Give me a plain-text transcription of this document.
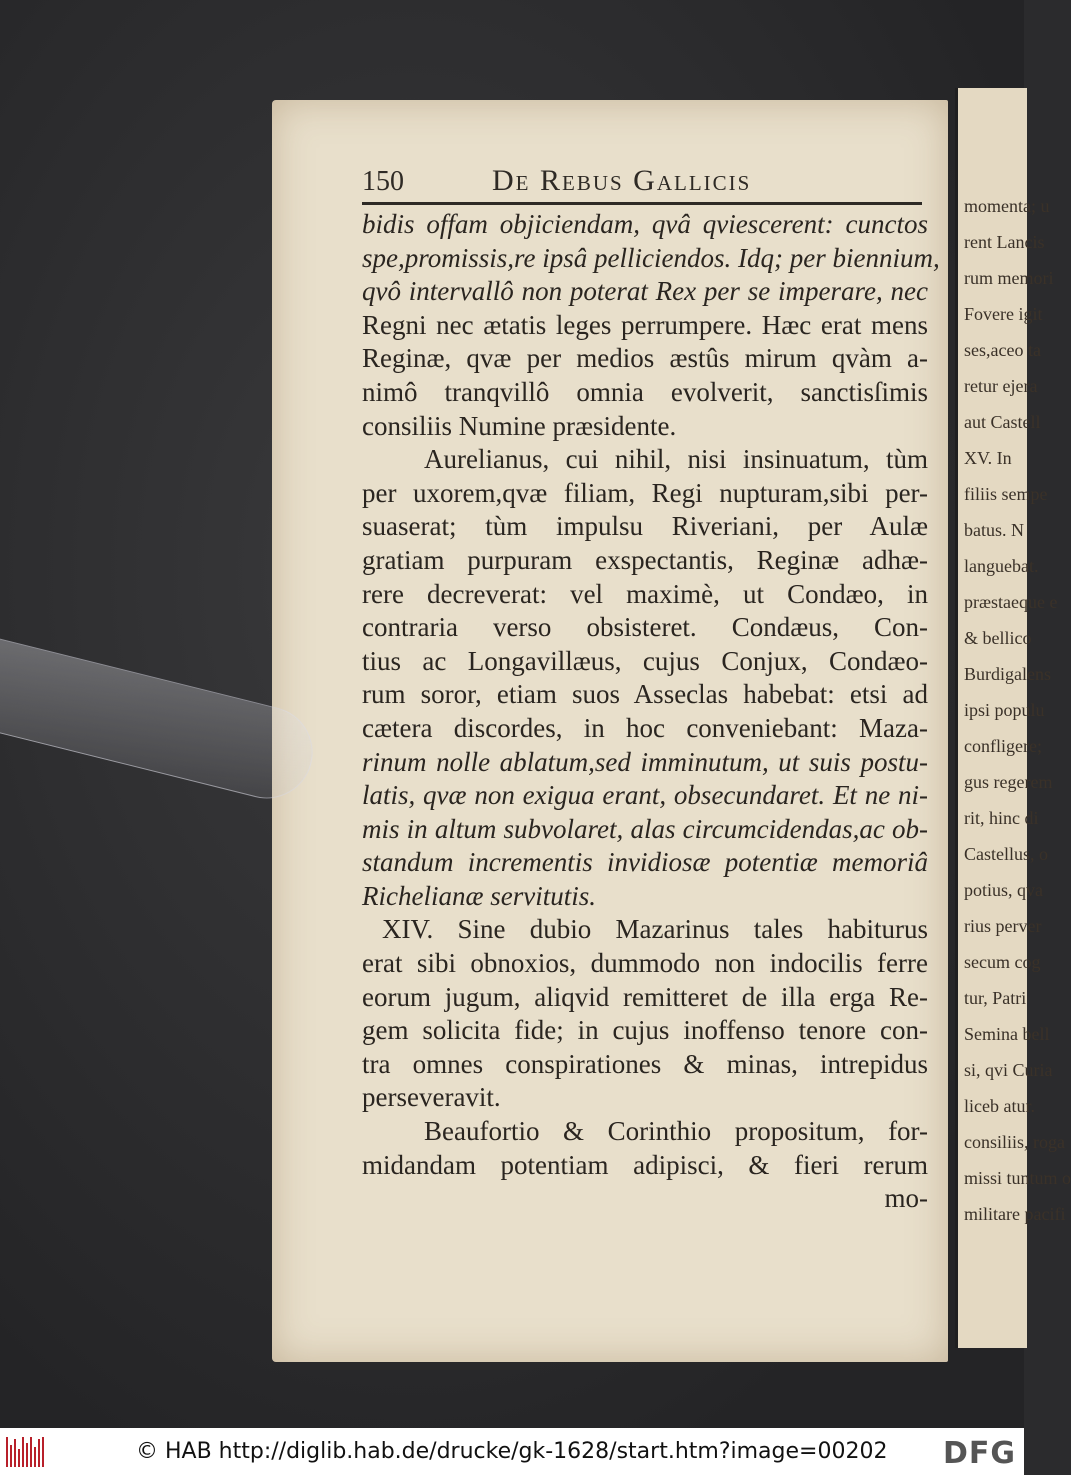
momenta; u
rent Lancis
rum memori
Fovere igit
ses,aceo ta
retur ejera
aut Castell
XV. In
filiis sempe
batus. N
languebat.
præstaeque e
& bellico
Burdigalens
ipsi populu
confligere;
gus regerem
rit, hinc di
Castellus, o
potius, qva
rius perver
secum cog
tur, Patri
Semina bell
si, qvi Curia
liceb atur.
consiliis, roga
missi tuntum o
militare pacifi
150	De Rebus Gallicis
bidis offam objiciendam, qvâ qviescerent: cunctos
spe,promissis,re ipsâ pelliciendos. Idq; per biennium,
qvô intervallô non poterat Rex per se imperare, nec
Regni nec ætatis leges perrumpere. Hæc erat mens
Reginæ, qvæ per medios æstûs mirum qvàm a-
nimô tranqvillô omnia evolverit, sanctisſimis
consiliis Numine præsidente.
Aurelianus, cui nihil, nisi insinuatum, tùm
per uxorem,qvæ filiam, Regi nupturam,sibi per-
suaserat; tùm impulsu Riveriani, per Aulæ
gratiam purpuram exspectantis, Reginæ adhæ-
rere decreverat: vel maximè, ut Condæo, in
contraria verso obsisteret. Condæus, Con-
tius ac Longavillæus, cujus Conjux, Condæo-
rum soror, etiam suos Asseclas habebat: etsi ad
cætera discordes, in hoc conveniebant: Maza-
rinum nolle ablatum,sed imminutum, ut suis postu-
latis, qvæ non exigua erant, obsecundaret. Et ne ni-
mis in altum subvolaret, alas circumcidendas,ac ob-
standum incrementis invidiosæ potentiæ memoriâ
Richelianæ servitutis.
XIV. Sine dubio Mazarinus tales habiturus
erat sibi obnoxios, dummodo non indocilis ferre
eorum jugum, aliqvid remitteret de illa erga Re-
gem solicita fide; in cujus inoffenso tenore con-
tra omnes conspirationes & minas, intrepidus
perseveravit.
Beaufortio & Corinthio propositum, for-
midandam potentiam adipisci, & fieri rerum
mo-
© HAB http://diglib.hab.de/drucke/gk-1628/start.htm?image=00202 DFG
